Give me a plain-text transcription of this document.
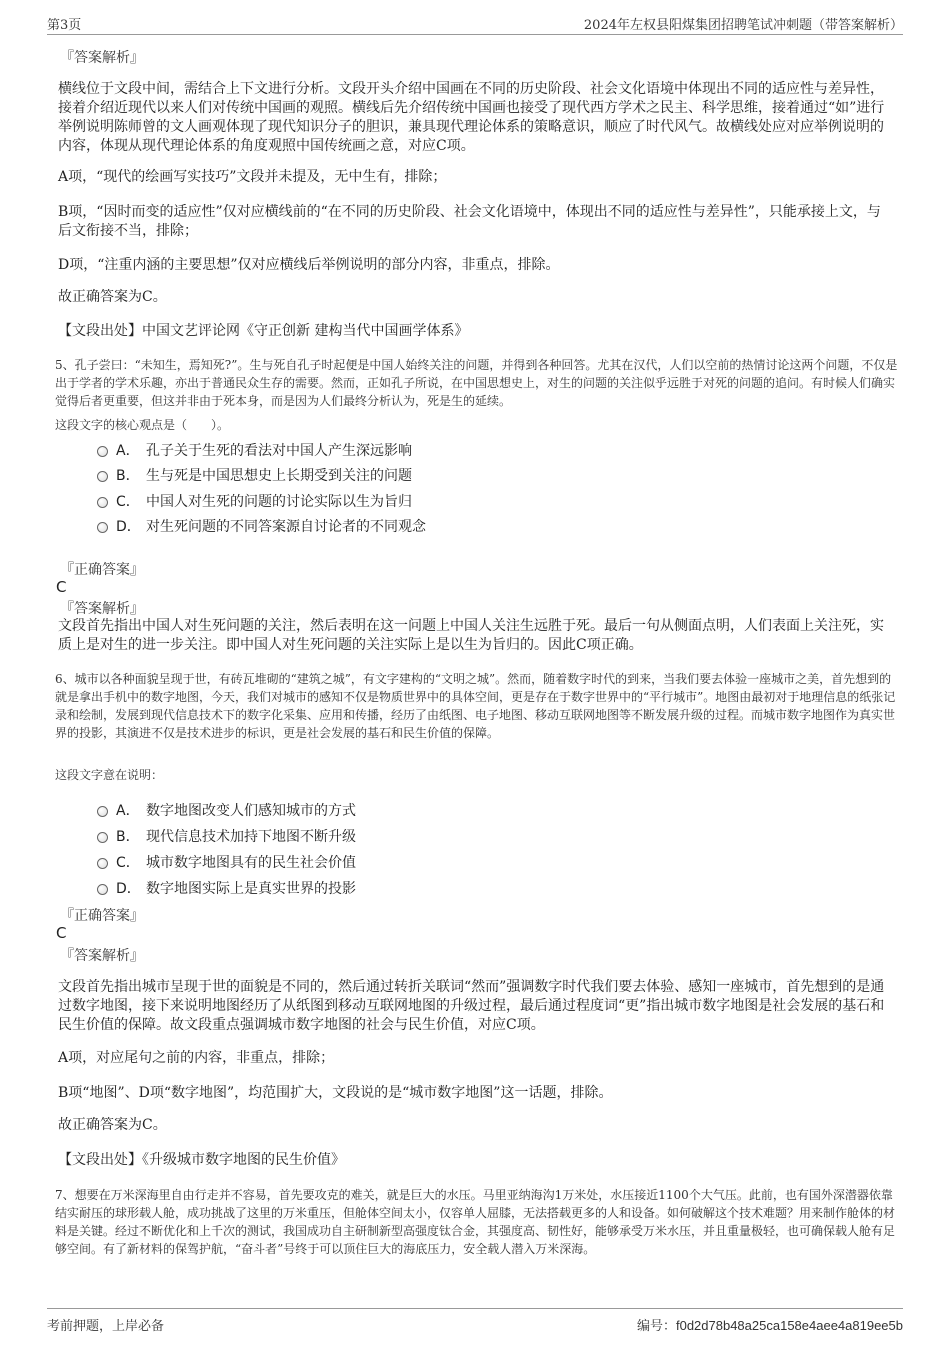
第3页	2024年左权县阳煤集团招聘笔试冲刺题（带答案解析）
『答案解析』
横线位于文段中间，需结合上下文进行分析。文段开头介绍中国画在不同的历史阶段、社会文化语境中体现出不同的适应性与差异性，接着介绍近现代以来人们对传统中国画的观照。横线后先介绍传统中国画也接受了现代西方学术之民主、科学思维，接着通过“如”进行举例说明陈师曾的文人画观体现了现代知识分子的胆识，兼具现代理论体系的策略意识，顺应了时代风气。故横线处应对应举例说明的内容，体现从现代理论体系的角度观照中国传统画之意，对应C项。
A项，“现代的绘画写实技巧”文段并未提及，无中生有，排除；
B项，“因时而变的适应性”仅对应横线前的“在不同的历史阶段、社会文化语境中，体现出不同的适应性与差异性”，只能承接上文，与后文衔接不当，排除；
D项，“注重内涵的主要思想”仅对应横线后举例说明的部分内容，非重点，排除。
故正确答案为C。
【文段出处】中国文艺评论网《守正创新 建构当代中国画学体系》
5、孔子尝曰：“未知生，焉知死?”。生与死自孔子时起便是中国人始终关注的问题，并得到各种回答。尤其在汉代，人们以空前的热情讨论这两个问题，不仅是出于学者的学术乐趣，亦出于普通民众生存的需要。然而，正如孔子所说，在中国思想史上，对生的问题的关注似乎远胜于对死的问题的追问。有时候人们确实觉得后者更重要，但这并非由于死本身，而是因为人们最终分析认为，死是生的延续。
这段文字的核心观点是（　　）。
A． 孔子关于生死的看法对中国人产生深远影响
B． 生与死是中国思想史上长期受到关注的问题
C． 中国人对生死的问题的讨论实际以生为旨归
D． 对生死问题的不同答案源自讨论者的不同观念
『正确答案』
C
『答案解析』
文段首先指出中国人对生死问题的关注，然后表明在这一问题上中国人关注生远胜于死。最后一句从侧面点明，人们表面上关注死，实质上是对生的进一步关注。即中国人对生死问题的关注实际上是以生为旨归的。因此C项正确。
6、城市以各种面貌呈现于世，有砖瓦堆砌的“建筑之城”，有文字建构的“文明之城”。然而，随着数字时代的到来，当我们要去体验一座城市之美，首先想到的就是拿出手机中的数字地图，今天，我们对城市的感知不仅是物质世界中的具体空间，更是存在于数字世界中的“平行城市”。地图由最初对于地理信息的纸张记录和绘制，发展到现代信息技术下的数字化采集、应用和传播，经历了由纸图、电子地图、移动互联网地图等不断发展升级的过程。而城市数字地图作为真实世界的投影，其演进不仅是技术进步的标识，更是社会发展的基石和民生价值的保障。
这段文字意在说明：
A． 数字地图改变人们感知城市的方式
B． 现代信息技术加持下地图不断升级
C． 城市数字地图具有的民生社会价值
D． 数字地图实际上是真实世界的投影
『正确答案』
C
『答案解析』
文段首先指出城市呈现于世的面貌是不同的，然后通过转折关联词“然而”强调数字时代我们要去体验、感知一座城市，首先想到的是通过数字地图，接下来说明地图经历了从纸图到移动互联网地图的升级过程，最后通过程度词“更”指出城市数字地图是社会发展的基石和民生价值的保障。故文段重点强调城市数字地图的社会与民生价值，对应C项。
A项，对应尾句之前的内容，非重点，排除；
B项“地图”、D项“数字地图”，均范围扩大，文段说的是“城市数字地图”这一话题，排除。
故正确答案为C。
【文段出处】《升级城市数字地图的民生价值》
7、想要在万米深海里自由行走并不容易，首先要攻克的难关，就是巨大的水压。马里亚纳海沟1万米处，水压接近1100个大气压。此前，也有国外深潜器依靠结实耐压的球形载人舱，成功挑战了这里的万米重压，但舱体空间太小，仅容单人屈膝，无法搭载更多的人和设备。如何破解这个技术难题？用来制作舱体的材料是关键。经过不断优化和上千次的测试，我国成功自主研制新型高强度钛合金，其强度高、韧性好，能够承受万米水压，并且重量极轻，也可确保载人舱有足够空间。有了新材料的保驾护航，“奋斗者”号终于可以顶住巨大的海底压力，安全载人潜入万米深海。
考前押题，上岸必备	编号：f0d2d78b48a25ca158e4aee4a819ee5b
